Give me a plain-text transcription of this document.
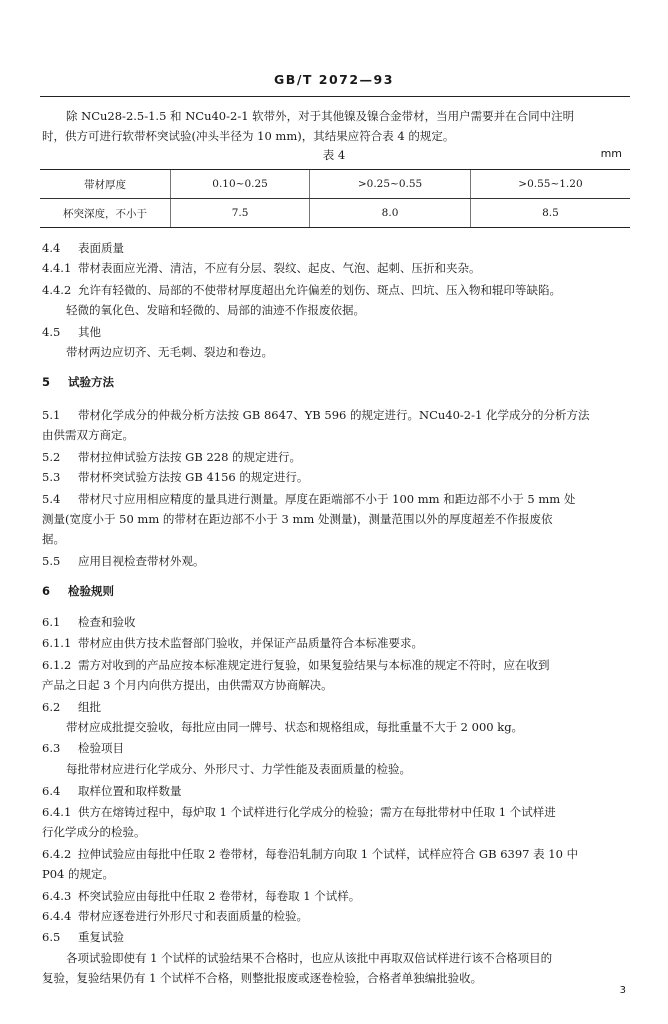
GB/T 2072—93

除 NCu28-2.5-1.5 和 NCu40-2-1 软带外，对于其他镍及镍合金带材，当用户需要并在合同中注明

时，供方可进行软带杯突试验(冲头半径为 10 mm)，其结果应符合表 4 的规定。

表 4	mm
带材厚度	0.10~0.25	>0.25~0.55	>0.55~1.20
杯突深度，不小于	7.5	8.0	8.5
4.4 表面质量
4.4.1 带材表面应光滑、清洁，不应有分层、裂纹、起皮、气泡、起刺、压折和夹杂。
4.4.2 允许有轻微的、局部的不使带材厚度超出允许偏差的划伤、斑点、凹坑、压入物和辊印等缺陷。

轻微的氧化色、发暗和轻微的、局部的油迹不作报废依据。

4.5 其他

带材两边应切齐、无毛刺、裂边和卷边。

5 试验方法
5.1 带材化学成分的仲裁分析方法按 GB 8647、YB 596 的规定进行。NCu40-2-1 化学成分的分析方法

由供需双方商定。

5.2 带材拉伸试验方法按 GB 228 的规定进行。
5.3 带材杯突试验方法按 GB 4156 的规定进行。
5.4 带材尺寸应用相应精度的量具进行测量。厚度在距端部不小于 100 mm 和距边部不小于 5 mm 处

测量(宽度小于 50 mm 的带材在距边部不小于 3 mm 处测量)，测量范围以外的厚度超差不作报废依

据。

5.5 应用目视检查带材外观。
6 检验规则
6.1 检查和验收
6.1.1 带材应由供方技术监督部门验收，并保证产品质量符合本标准要求。
6.1.2 需方对收到的产品应按本标准规定进行复验，如果复验结果与本标准的规定不符时，应在收到

产品之日起 3 个月内向供方提出，由供需双方协商解决。

6.2 组批

带材应成批提交验收，每批应由同一牌号、状态和规格组成，每批重量不大于 2 000 kg。

6.3 检验项目

每批带材应进行化学成分、外形尺寸、力学性能及表面质量的检验。

6.4 取样位置和取样数量
6.4.1 供方在熔铸过程中，每炉取 1 个试样进行化学成分的检验；需方在每批带材中任取 1 个试样进

行化学成分的检验。

6.4.2 拉伸试验应由每批中任取 2 卷带材，每卷沿轧制方向取 1 个试样，试样应符合 GB 6397 表 10 中

P04 的规定。

6.4.3 杯突试验应由每批中任取 2 卷带材，每卷取 1 个试样。
6.4.4 带材应逐卷进行外形尺寸和表面质量的检验。
6.5 重复试验

各项试验即使有 1 个试样的试验结果不合格时，也应从该批中再取双倍试样进行该不合格项目的

复验，复验结果仍有 1 个试样不合格，则整批报废或逐卷检验，合格者单独编批验收。

3
